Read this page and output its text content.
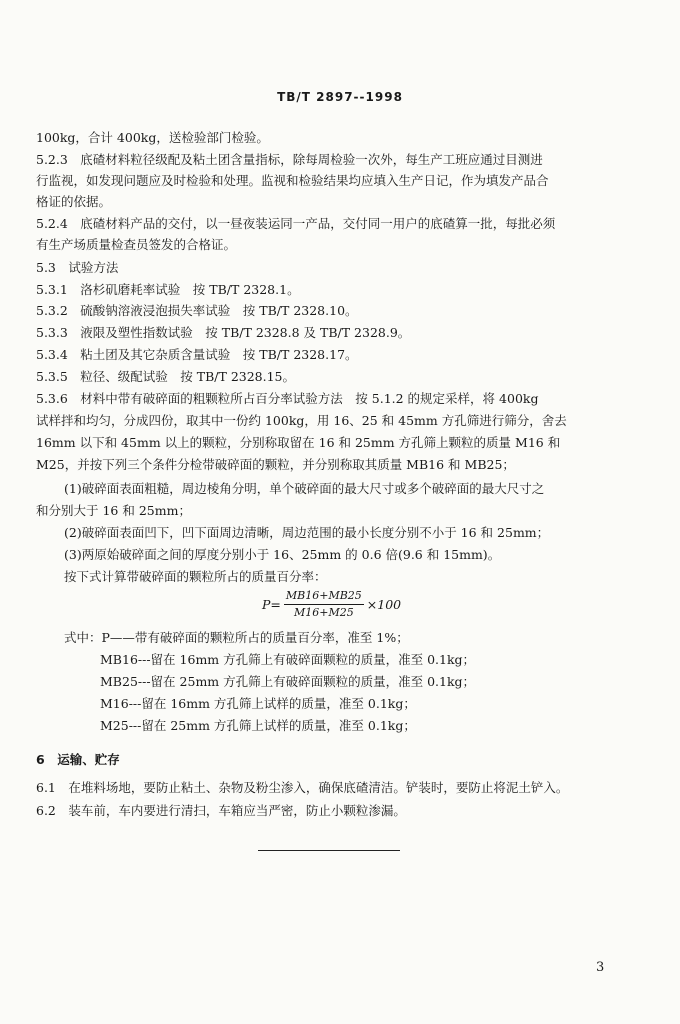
TB/T 2897--1998
100kg，合计 400kg，送检验部门检验。
5.2.3　底碴材料粒径级配及粘土团含量指标，除每周检验一次外，每生产工班应通过目测进
行监视，如发现问题应及时检验和处理。监视和检验结果均应填入生产日记，作为填发产品合
格证的依据。
5.2.4　底碴材料产品的交付，以一昼夜装运同一产品，交付同一用户的底碴算一批，每批必须
有生产场质量检查员签发的合格证。
5.3　试验方法
5.3.1　洛杉矶磨耗率试验　按 TB/T 2328.1。
5.3.2　硫酸钠溶液浸泡损失率试验　按 TB/T 2328.10。
5.3.3　液限及塑性指数试验　按 TB/T 2328.8 及 TB/T 2328.9。
5.3.4　粘土团及其它杂质含量试验　按 TB/T 2328.17。
5.3.5　粒径、级配试验　按 TB/T 2328.15。
5.3.6　材料中带有破碎面的粗颗粒所占百分率试验方法　按 5.1.2 的规定采样，将 400kg
试样拌和均匀，分成四份，取其中一份约 100kg，用 16、25 和 45mm 方孔筛进行筛分，舍去
16mm 以下和 45mm 以上的颗粒，分别称取留在 16 和 25mm 方孔筛上颗粒的质量 M16 和
M25，并按下列三个条件分检带破碎面的颗粒，并分别称取其质量 MB16 和 MB25；
(1)破碎面表面粗糙，周边棱角分明，单个破碎面的最大尺寸或多个破碎面的最大尺寸之
和分别大于 16 和 25mm；
(2)破碎面表面凹下，凹下面周边清晰，周边范围的最小长度分别不小于 16 和 25mm；
(3)两原始破碎面之间的厚度分别小于 16、25mm 的 0.6 倍(9.6 和 15mm)。
按下式计算带破碎面的颗粒所占的质量百分率：
$P= \frac{MB16+MB25}{M16+M25} \times 100$
式中：P——带有破碎面的颗粒所占的质量百分率，准至 1%；
MB16---留在 16mm 方孔筛上有破碎面颗粒的质量，准至 0.1kg；
MB25---留在 25mm 方孔筛上有破碎面颗粒的质量，准至 0.1kg；
M16---留在 16mm 方孔筛上试样的质量，准至 0.1kg；
M25---留在 25mm 方孔筛上试样的质量，准至 0.1kg；
6　运输、贮存
6.1　在堆料场地，要防止粘土、杂物及粉尘渗入，确保底碴清洁。铲装时，要防止将泥土铲入。
6.2　装车前，车内要进行清扫，车箱应当严密，防止小颗粒渗漏。
3
